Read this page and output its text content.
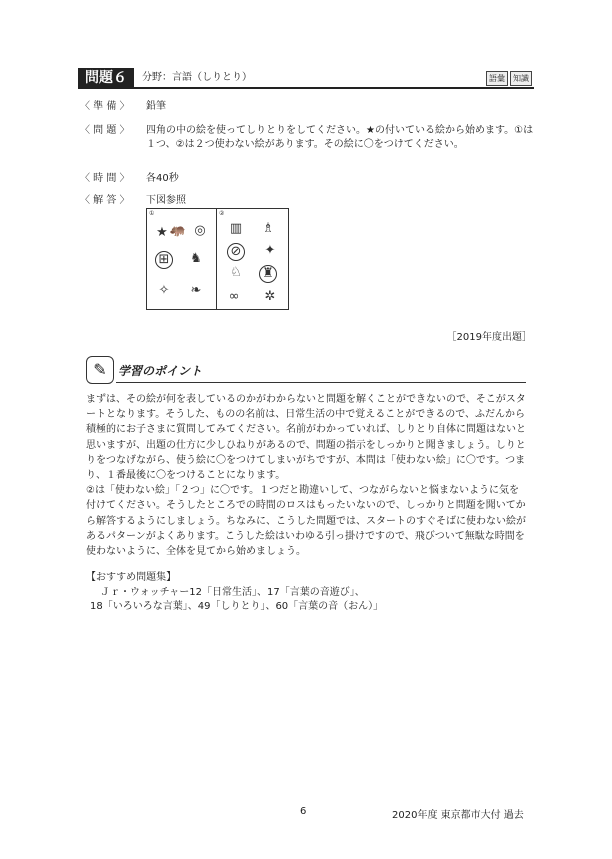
問題６	分野：言語（しりとり）	語彙	知識
〈 準 備 〉	鉛筆
〈 問 題 〉	四角の中の絵を使ってしりとりをしてください。★の付いている絵から始めます。①は１つ、②は２つ使わない絵があります。その絵に〇をつけてください。
〈 時 間 〉	各40秒
〈 解 答 〉	下図参照
①	②
★ 🦛 ◎
⊞ ♞
✧ ❧
▥ ♗
⊘ ✦
♘ ♜
∞ ✲
［2019年度出題］
✎ 学習のポイント

まずは、その絵が何を表しているのかがわからないと問題を解くことができないので、そこがスタートとなります。そうした、ものの名前は、日常生活の中で覚えることができるので、ふだんから積極的にお子さまに質問してみてください。名前がわかっていれば、しりとり自体に問題はないと思いますが、出題の仕方に少しひねりがあるので、問題の指示をしっかりと聞きましょう。しりとりをつなげながら、使う絵に〇をつけてしまいがちですが、本問は「使わない絵」に〇です。つまり、１番最後に〇をつけることになります。

②は「使わない絵」「２つ」に〇です。１つだと勘違いして、つながらないと悩まないように気を付けてください。そうしたところでの時間のロスはもったいないので、しっかりと問題を聞いてから解答するようにしましょう。ちなみに、こうした問題では、スタートのすぐそばに使わない絵があるパターンがよくあります。こうした絵はいわゆる引っ掛けですので、飛びついて無駄な時間を使わないように、全体を見てから始めましょう。

【おすすめ問題集】

Ｊｒ・ウォッチャー12「日常生活」、17「言葉の音遊び」、

18「いろいろな言葉」、49「しりとり」、60「言葉の音（おん）」

6	2020年度 東京都市大付 過去
